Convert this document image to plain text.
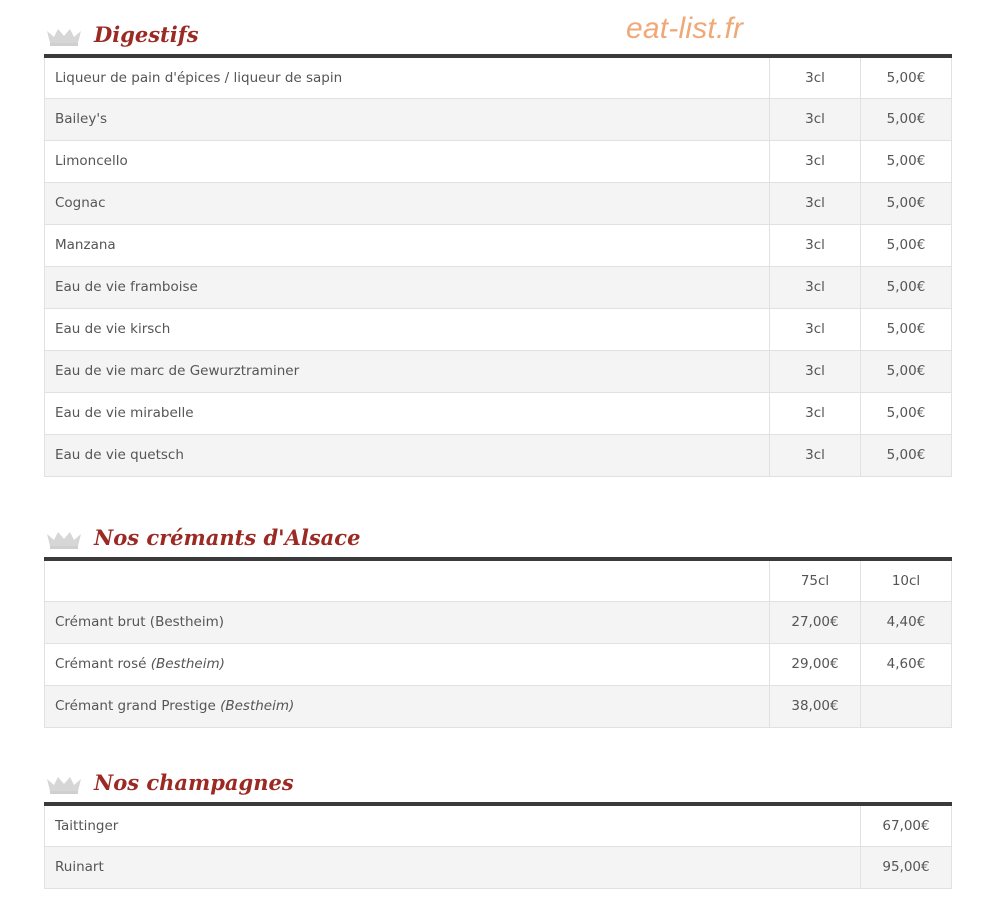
eat-list.fr
Digestifs
Liqueur de pain d'épices / liqueur de sapin	3cl	5,00€
Bailey's	3cl	5,00€
Limoncello	3cl	5,00€
Cognac	3cl	5,00€
Manzana	3cl	5,00€
Eau de vie framboise	3cl	5,00€
Eau de vie kirsch	3cl	5,00€
Eau de vie marc de Gewurztraminer	3cl	5,00€
Eau de vie mirabelle	3cl	5,00€
Eau de vie quetsch	3cl	5,00€
Nos crémants d'Alsace
	75cl	10cl
Crémant brut (Bestheim)	27,00€	4,40€
Crémant rosé (Bestheim)	29,00€	4,60€
Crémant grand Prestige (Bestheim)	38,00€	
Nos champagnes
Taittinger	67,00€
Ruinart	95,00€
